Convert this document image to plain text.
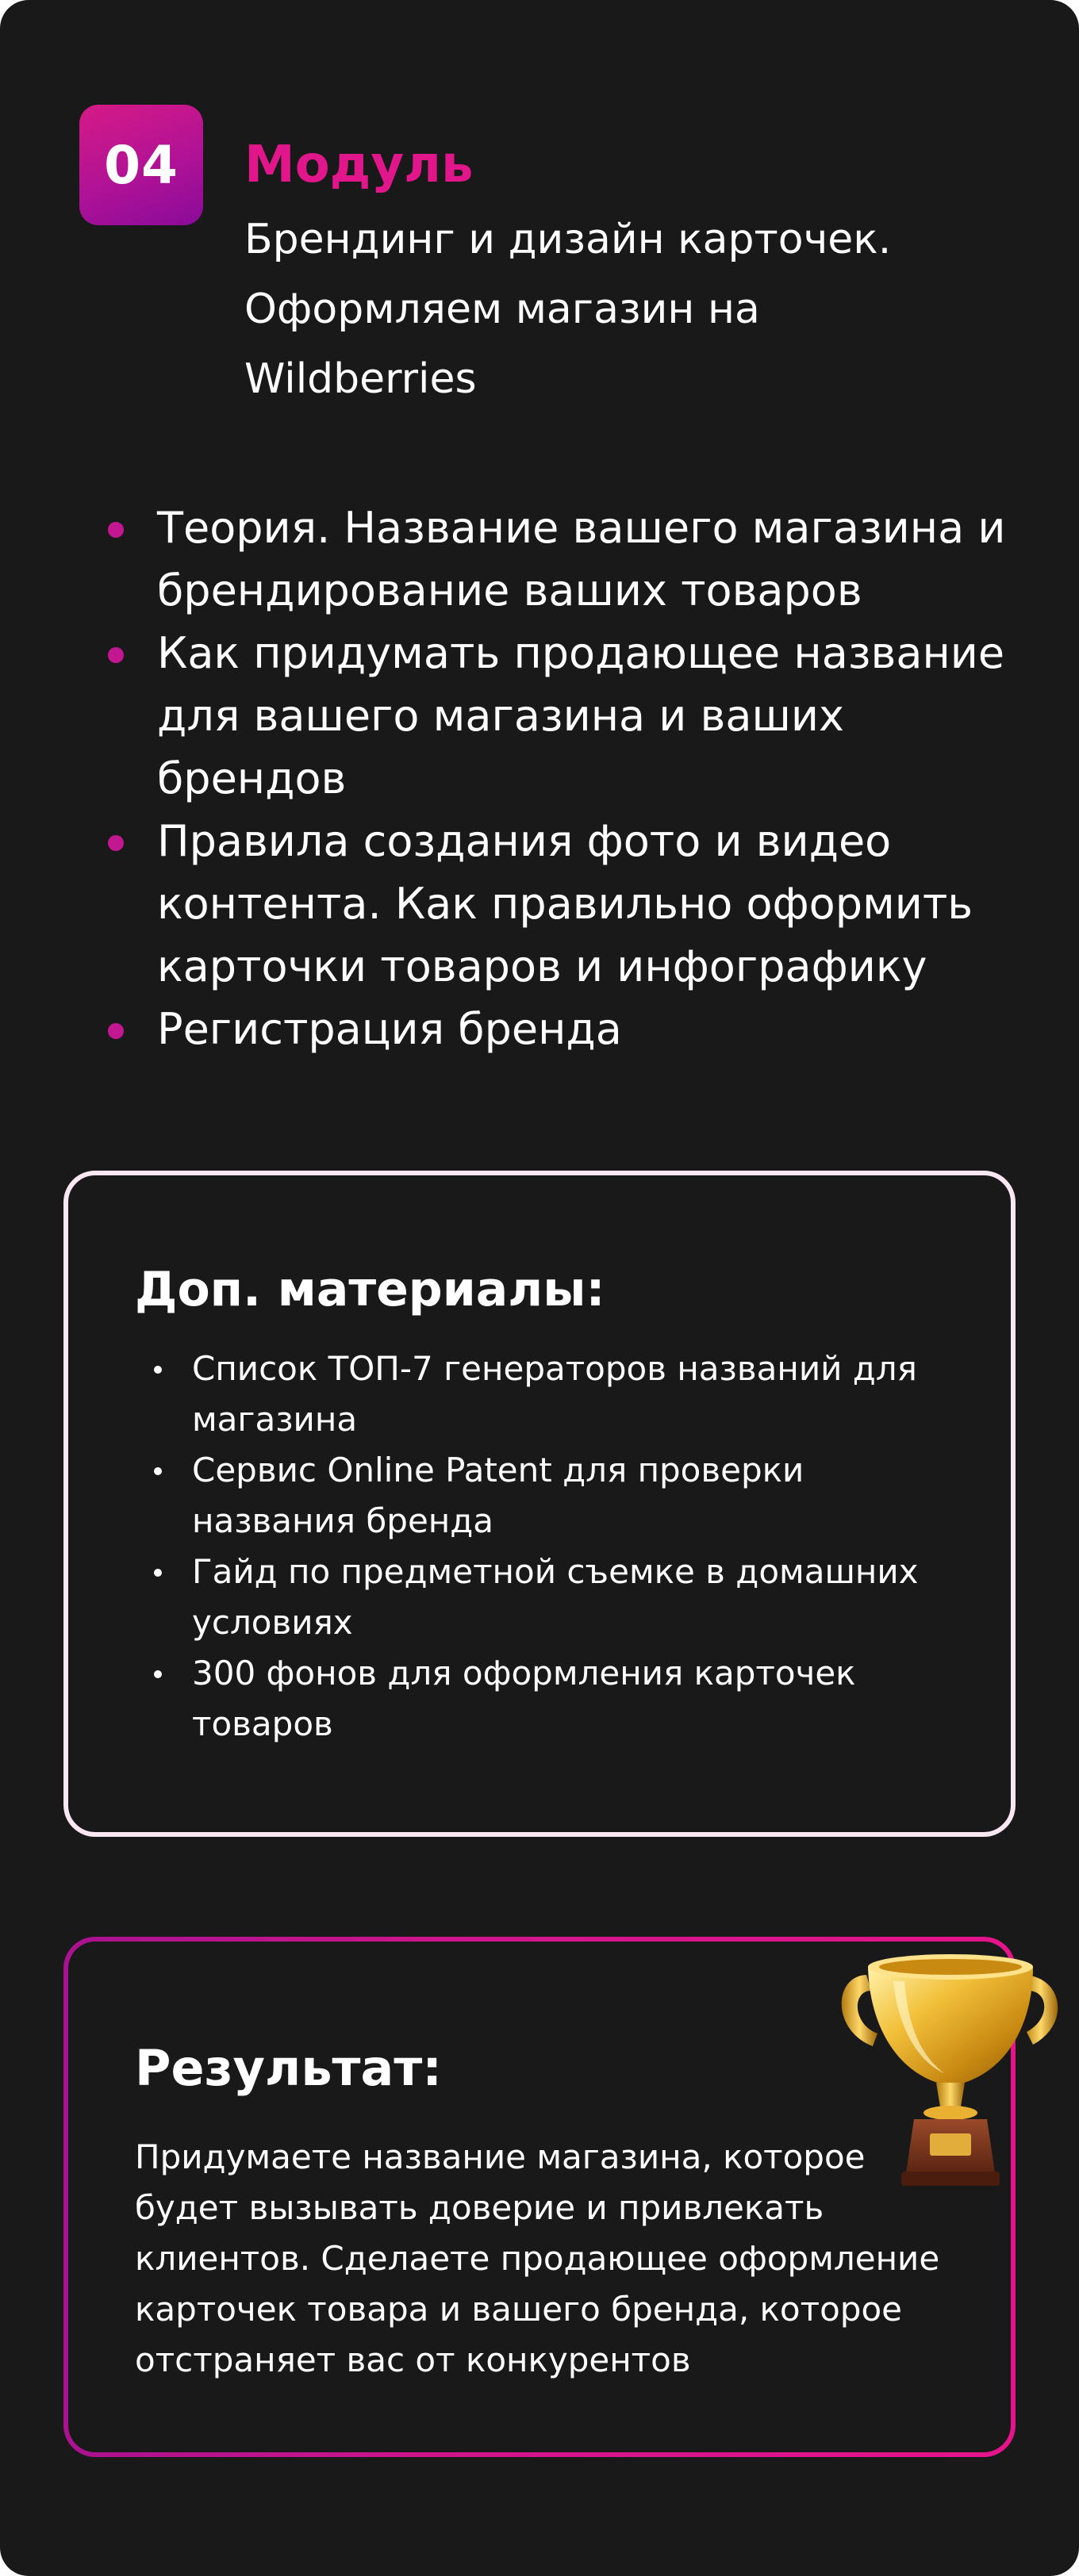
04 Модуль

Брендинг и дизайн карточек. Оформляем магазин на Wildberries

Теория. Название вашего магазина и брендирование ваших товаров
Как придумать продающее название для вашего магазина и ваших брендов
Правила создания фото и видео контента. Как правильно оформить карточки товаров и инфографику
Регистрация бренда
Доп. материалы:
Список ТОП-7 генераторов названий для магазина
Сервис Online Patent для проверки названия бренда
Гайд по предметной съемке в домашних условиях
300 фонов для оформления карточек товаров
Результат:

Придумаете название магазина, которое будет вызывать доверие и привлекать клиентов. Сделаете продающее оформление карточек товара и вашего бренда, которое отстраняет вас от конкурентов
